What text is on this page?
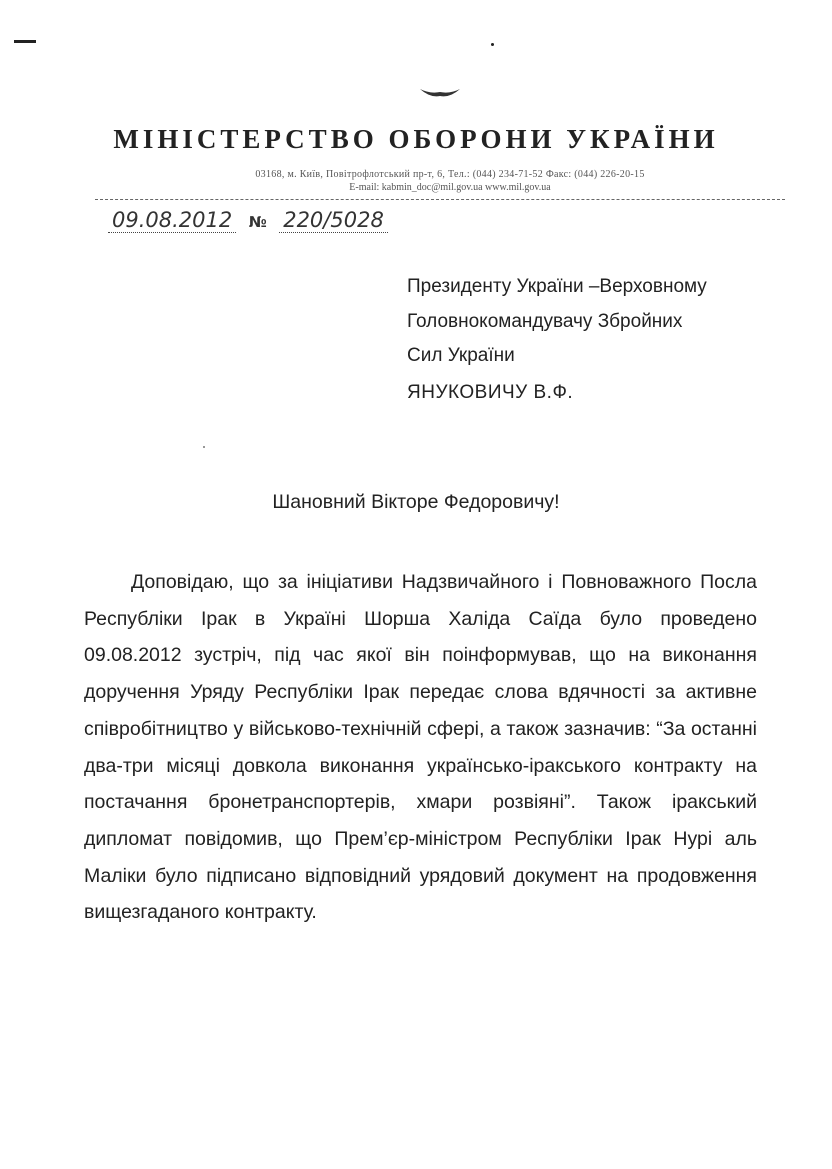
МІНІСТЕРСТВО ОБОРОНИ УКРАЇНИ
03168, м. Київ, Повітрофлотський пр-т, 6, Тел.: (044) 234-71-52 Факс: (044) 226-20-15
E-mail: kabmin_doc@mil.gov.ua www.mil.gov.ua
09.08.2012 № 220/5028
Президенту України –Верховному
Головнокомандувачу Збройних
Сил України
ЯНУКОВИЧУ В.Ф.
Шановний Вікторе Федоровичу!

Доповідаю, що за ініціативи Надзвичайного і Повноважного Посла Республіки Ірак в Україні Шорша Халіда Саїда було проведено 09.08.2012 зустріч, під час якої він поінформував, що на виконання доручення Уряду Республіки Ірак передає слова вдячності за активне співробітництво у військово-технічній сфері, а також зазначив: “За останні два-три місяці довкола виконання українсько-іракського контракту на постачання бронетранспортерів, хмари розвіяні”. Також іракський дипломат повідомив, що Прем’єр-міністром Республіки Ірак Нурі аль Маліки було підписано відповідний урядовий документ на продовження вищезгаданого контракту.
